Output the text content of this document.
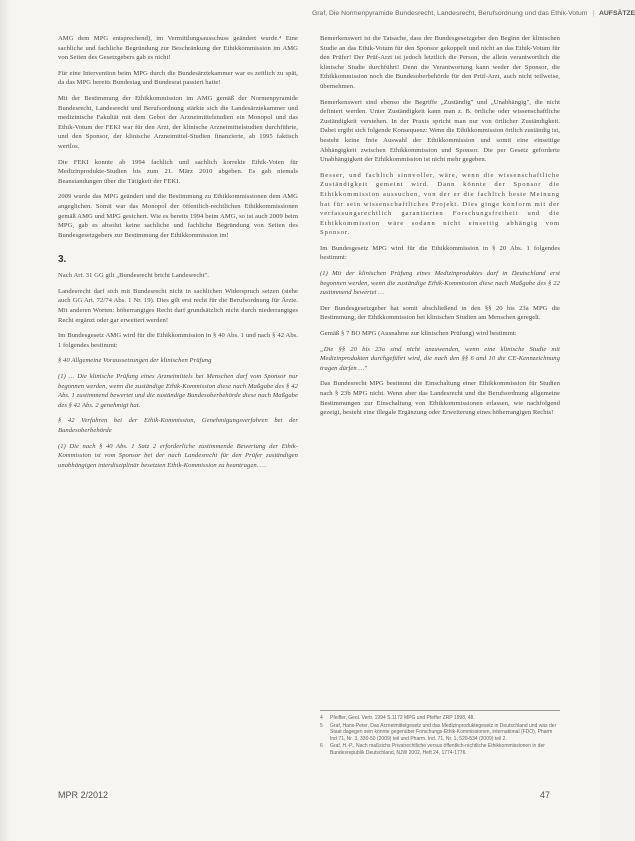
Graf, Die Normenpyramide Bundesrecht, Landesrecht, Berufsordnung und das Ethik-Votum | AUFSÄTZE

AMG dem MPG entsprechend), im Vermittlungsausschuss geändert wurde.⁴ Eine sachliche und fachliche Begründung zur Beschränkung der Ethikkommission im AMG von Seiten des Gesetzgebers gab es nicht!

Für eine Intervention beim MPG durch die Bundesärztekammer war es zeitlich zu spät, da das MPG bereits Bundestag und Bundesrat passiert hatte!

Mit der Bestimmung der Ethikkommission im AMG gemäß der Normenpyramide Bundesrecht, Landesrecht und Berufsordnung stärkte sich die Landesärztekammer und medizinische Fakultät mit dem Gebot der Arzneimittelstudien ein Monopol und das Ethik-Votum der FEKI war für den Arzt, der klinische Arzneimittelstudien durchführte, und den Sponsor, der klinische Arzneimittel-Studien finanzierte, ab 1995 faktisch wertlos.

Die FEKI konnte ab 1994 fachlich und sachlich korrekte Ethik-Voten für Medizinprodukte-Studien bis zum 21. März 2010 abgeben. Es gab niemals Beanstandungen über die Tätigkeit der FEKI.

2009 wurde das MPG geändert und die Bestimmung zu Ethikkommissionen dem AMG angeglichen. Somit war das Monopol der öffentlich-rechtlichen Ethikkommissionen gemäß AMG und MPG gesichert. Wie es bereits 1994 beim AMG, so ist auch 2009 beim MPG, gab es absolut keine sachliche und fachliche Begründung von Seiten des Bundesgesetzgebers zur Bestimmung der Ethikkommission im!

3.

Nach Art. 31 GG gilt „Bundesrecht bricht Landesrecht".

Landesrecht darf sich mit Bundesrecht nicht in sachlichen Widerspruch setzen (siehe auch GG Art. 72/74 Abs. 1 Nr. 19). Dies gilt erst recht für die Berufsordnung für Ärzte. Mit anderen Worten: höherrangiges Recht darf grundsätzlich nicht durch niederrangiges Recht ergänzt oder gar erweitert werden!

Im Bundesgesetz AMG wird für die Ethikkommission in § 40 Abs. 1 und nach § 42 Abs. 1 folgendes bestimmt:

§ 40 Allgemeine Voraussetzungen der klinischen Prüfung

(1) … Die klinische Prüfung eines Arzneimittels bei Menschen darf vom Sponsor nur begonnen werden, wenn die zuständige Ethik-Kommission diese nach Maßgabe des § 42 Abs. 1 zustimmend bewertet und die zuständige Bundesoberbehörde diese nach Maßgabe des § 42 Abs. 2 genehmigt hat.

§ 42 Verfahren bei der Ethik-Kommission, Genehmigungsverfahren bei der Bundesoberbehörde

(1) Die nach § 40 Abs. 1 Satz 2 erforderliche zustimmende Bewertung der Ethik-Kommission ist vom Sponsor bei der nach Landesrecht für den Prüfer zuständigen unabhängigen interdisziplinär besetzten Ethik-Kommission zu beantragen. …

Bemerkenswert ist die Tatsache, dass der Bundesgesetzgeber den Beginn der klinischen Studie an das Ethik-Votum für den Sponsor gekoppelt und nicht an das Ethik-Votum für den Prüfer! Der Prüf-Arzt ist jedoch letztlich die Person, die allein verantwortlich die klinische Studie durchführt! Denn die Verantwortung kann weder der Sponsor, die Ethikkommission noch die Bundesoberbehörde für den Prüf-Arzt, auch nicht teilweise, übernehmen.

Bemerkenswert sind ebenso die Begriffe „Zuständig" und „Unabhängig", die nicht definiert werden. Unter Zuständigkeit kann man z. B. örtliche oder wissenschaftliche Zuständigkeit verstehen. In der Praxis spricht man nur von örtlicher Zuständigkeit. Dabei ergibt sich folgende Konsequenz: Wenn die Ethikkommission örtlich zuständig ist, besteht keine freie Auswahl der Ethikkommission und somit eine einseitige Abhängigkeit zwischen Ethikkommission und Sponsor. Die per Gesetz geforderte Unabhängigkeit der Ethikkommission ist nicht mehr gegeben.

Besser, und fachlich sinnvoller, wäre, wenn die wissenschaftliche Zuständigkeit gemeint wird. Dann könnte der Sponsor die Ethikkommission aussuchen, von der er die fachlich beste Meinung hat für sein wissenschaftliches Projekt. Dies ginge konform mit der verfassungsrechtlich garantierten Forschungsfreiheit und die Ethikkommission wäre sodann nicht einseitig abhängig vom Sponsor.

Im Bundesgesetz MPG wird für die Ethikkommission in § 20 Abs. 1 folgendes bestimmt:

(1) Mit der klinischen Prüfung eines Medizinproduktes darf in Deutschland erst begonnen werden, wenn die zuständige Ethik-Kommission diese nach Maßgabe des § 22 zustimmend bewertet …

Der Bundesgesetzgeber hat somit abschließend in den §§ 20 bis 23a MPG die Bestimmung, der Ethikkommission bei klinischen Studien am Menschen geregelt.

Gemäß § 7 BO MPG (Ausnahme zur klinischen Prüfung) wird bestimmt:

„Die §§ 20 bis 23a sind nicht anzuwenden, wenn eine klinische Studie mit Medizinprodukten durchgeführt wird, die nach den §§ 6 und 10 die CE-Kennzeichnung tragen dürfen …"

Das Bundesrecht MPG bestimmt die Einschaltung einer Ethikkommission für Studien nach § 23b MPG nicht. Wenn aber das Landesrecht und die Berufsordnung allgemeine Bestimmungen zur Einschaltung von Ethikkommissionen erlassen, wie nachfolgend gezeigt, besteht eine illegale Ergänzung oder Erweiterung eines höherrangigen Rechts!

4	Pfeiffer, Geol. Vertr. 1994 S.1172 MPG und Pfeffer ZRP 1998, 48.
5	Graf, Hans-Peter, Das Arzneimittelgesetz und das Medizinproduktegesetz in Deutschland und was der Staat dagegen sein könnte gegenüber Forschungs-Ethik-Kommissionen, international (FDO), Pharm Ind 71, Nr. 3, 330-50 (2009) teil und Pharm. Ind. 71, Nr. 1, 520-534 (2009) teil 2.
6	Graf, H.-P., Nach maßsichs Privatrechtliche versus öffentlich-rechtliche Ethikkommissionen in der Bundesrepublik Deutschland, NJW 2002, Heft 24, 1774-1776.
MPR 2/2012	47
